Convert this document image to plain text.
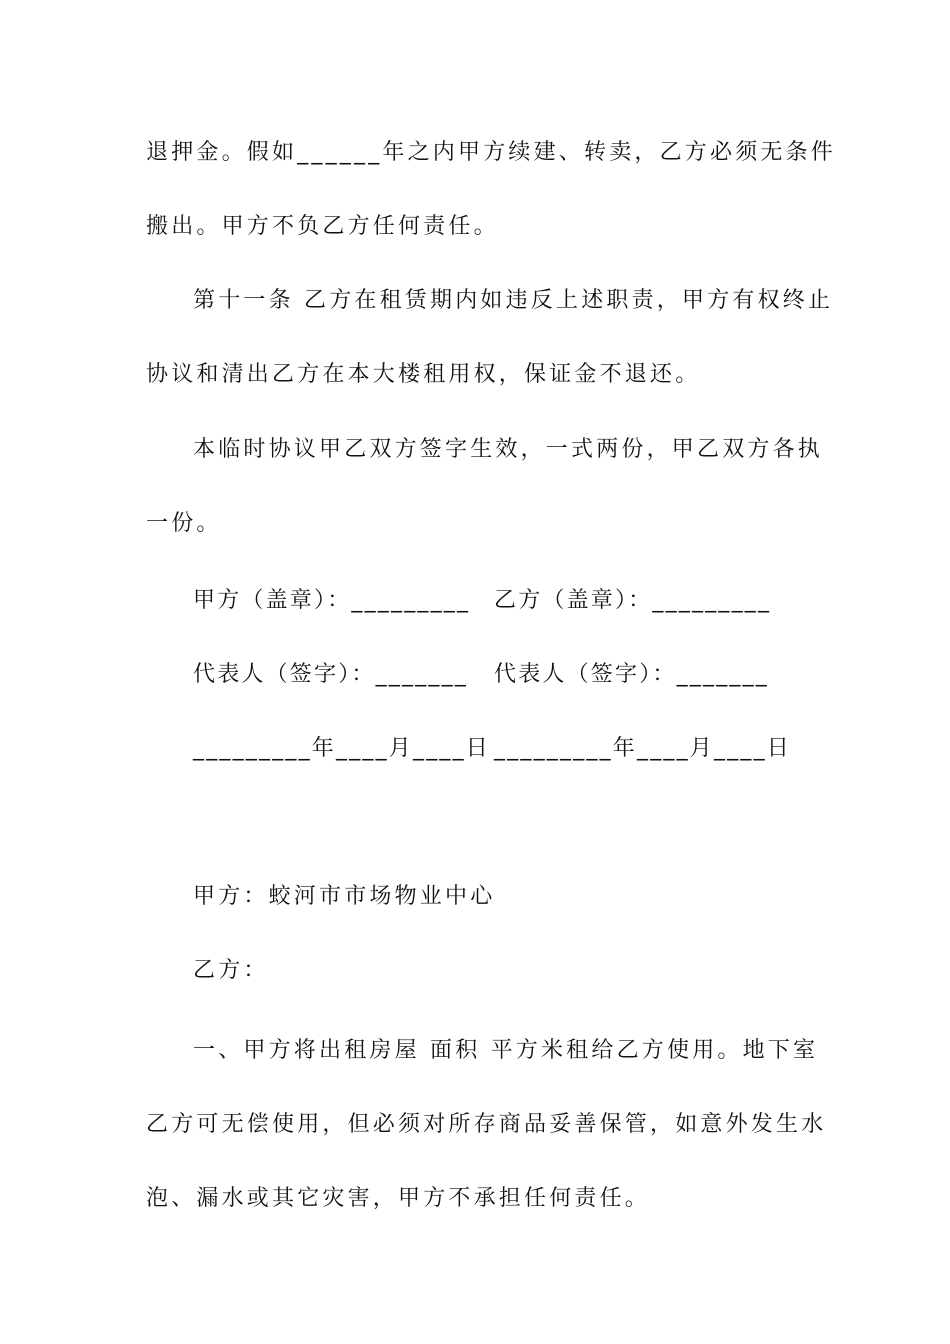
退押金。假如______年之内甲方续建、转卖，乙方必须无条件
搬出。甲方不负乙方任何责任。
第十一条 乙方在租赁期内如违反上述职责，甲方有权终止
协议和清出乙方在本大楼租用权，保证金不退还。
本临时协议甲乙双方签字生效，一式两份，甲乙双方各执
一份。
甲方（盖章）：_________ 乙方（盖章）：_________
代表人（签字）：_______ 代表人（签字）：_______
_________年____月____日 _________年____月____日
甲方：蛟河市市场物业中心
乙方：
一、甲方将出租房屋 面积 平方米租给乙方使用。地下室
乙方可无偿使用，但必须对所存商品妥善保管，如意外发生水
泡、漏水或其它灾害，甲方不承担任何责任。
